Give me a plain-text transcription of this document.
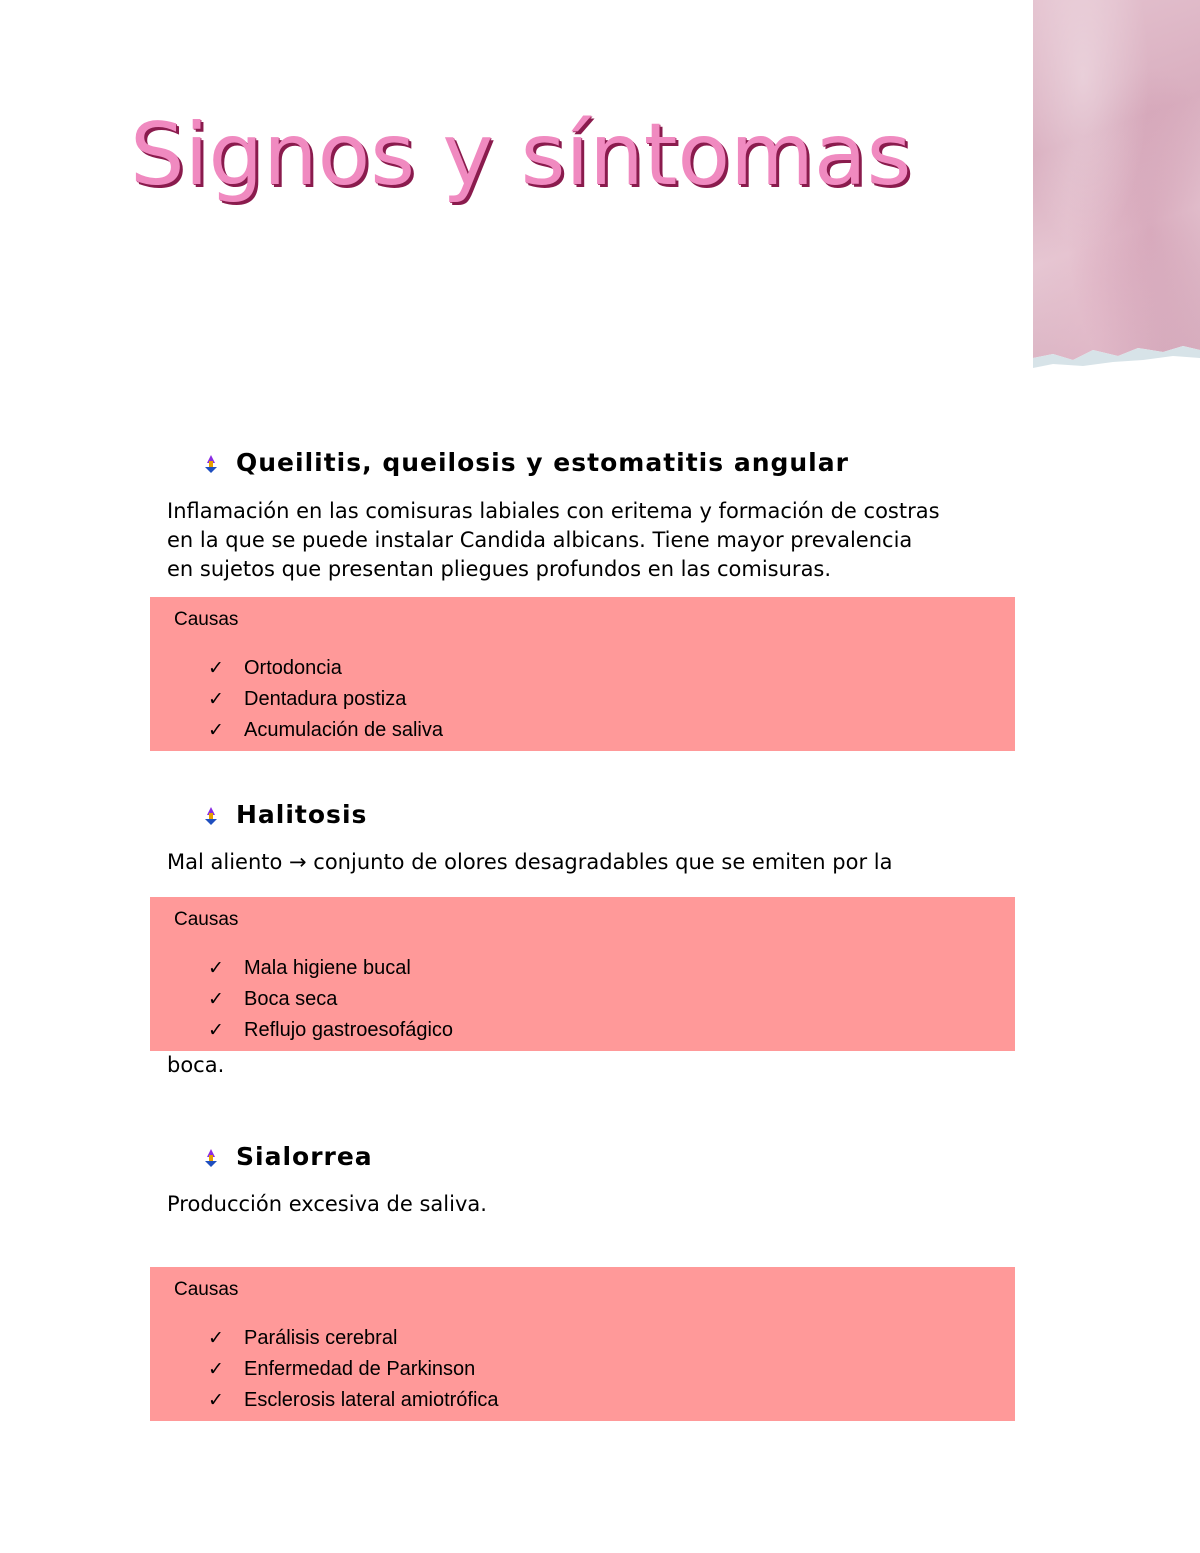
Signos y síntomas
Queilitis, queilosis y estomatitis angular
Inflamación en las comisuras labiales con eritema y formación de costras
en la que se puede instalar Candida albicans. Tiene mayor prevalencia
en sujetos que presentan pliegues profundos en las comisuras.
Causas
✓ Ortodoncia
✓ Dentadura postiza
✓ Acumulación de saliva
Halitosis
Mal aliento → conjunto de olores desagradables que se emiten por la
Causas
✓ Mala higiene bucal
✓ Boca seca
✓ Reflujo gastroesofágico
boca.
Sialorrea
Producción excesiva de saliva.
Causas
✓ Parálisis cerebral
✓ Enfermedad de Parkinson
✓ Esclerosis lateral amiotrófica
